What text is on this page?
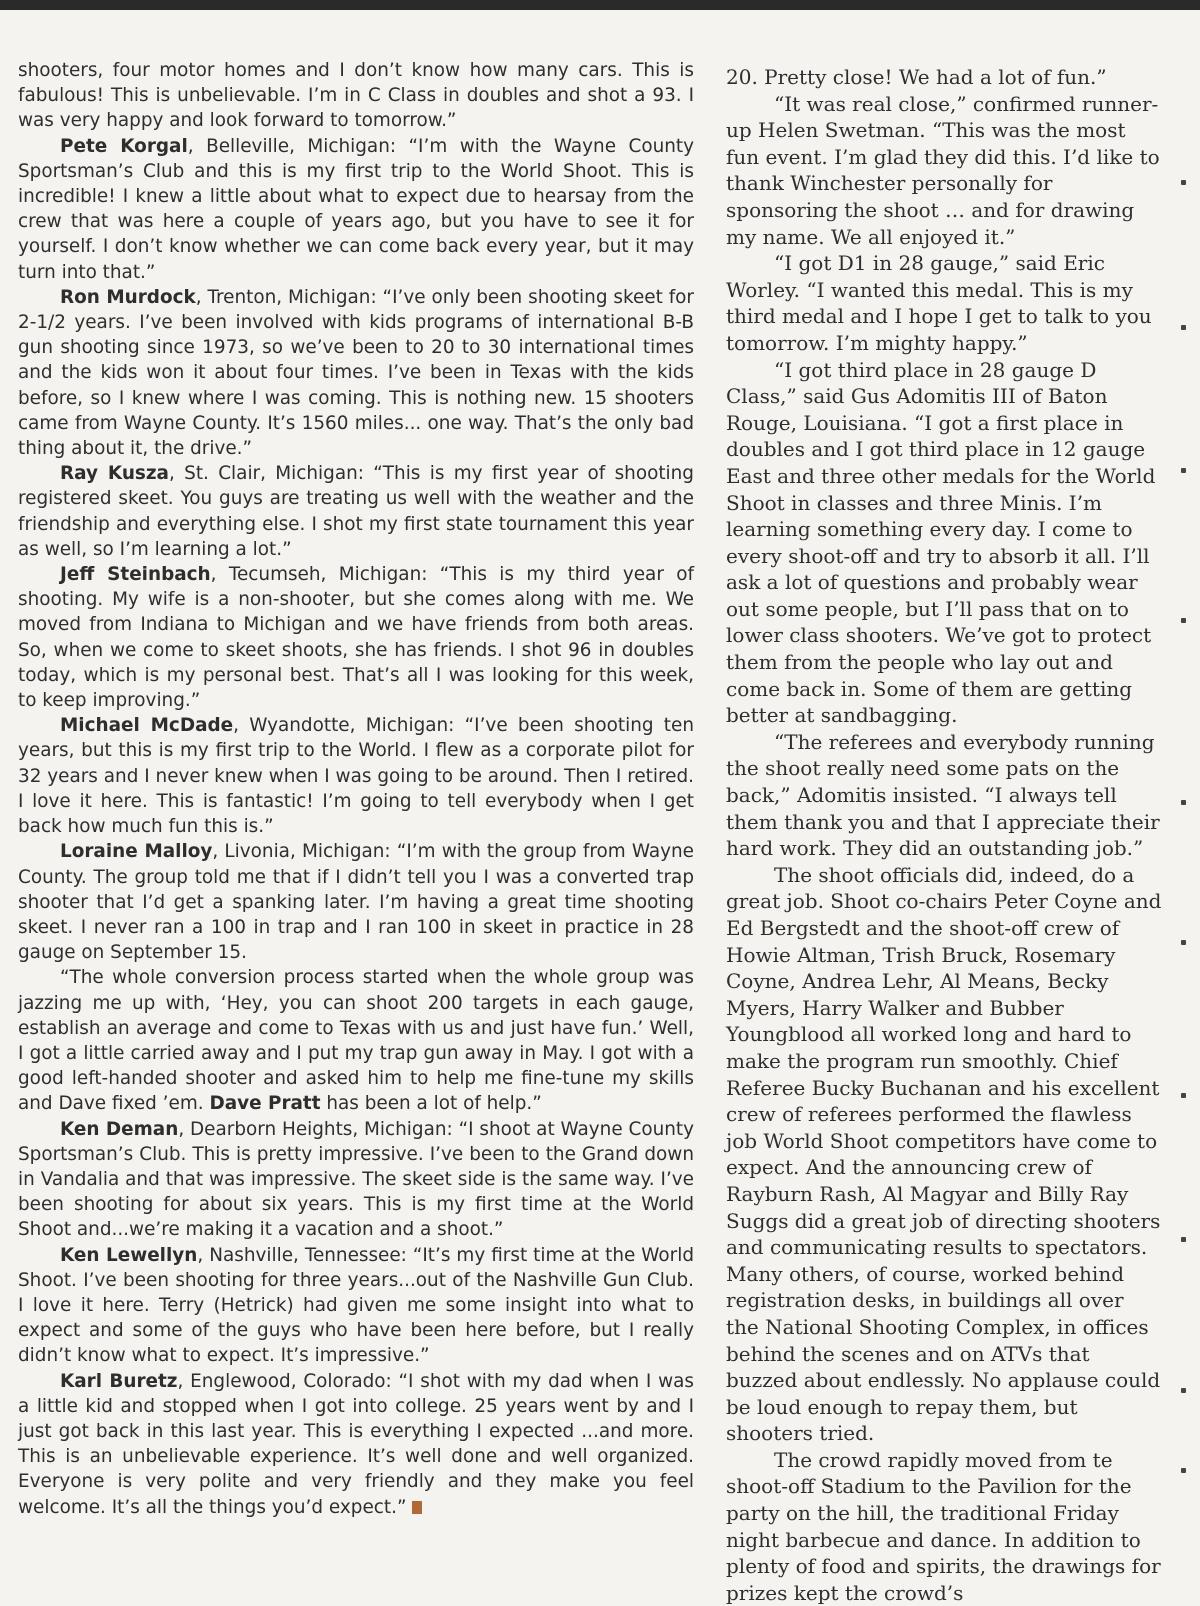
shooters, four motor homes and I don’t know how many cars. This is fabulous! This is unbelievable. I’m in C Class in doubles and shot a 93. I was very happy and look forward to tomorrow.”

Pete Korgal, Belleville, Michigan: “I’m with the Wayne County Sportsman’s Club and this is my first trip to the World Shoot. This is incredible! I knew a little about what to expect due to hearsay from the crew that was here a couple of years ago, but you have to see it for yourself. I don’t know whether we can come back every year, but it may turn into that.”

Ron Murdock, Trenton, Michigan: “I’ve only been shooting skeet for 2-1/2 years. I’ve been involved with kids programs of international B-B gun shooting since 1973, so we’ve been to 20 to 30 international times and the kids won it about four times. I’ve been in Texas with the kids before, so I knew where I was coming. This is nothing new. 15 shooters came from Wayne County. It’s 1560 miles... one way. That’s the only bad thing about it, the drive.”

Ray Kusza, St. Clair, Michigan: “This is my first year of shooting registered skeet. You guys are treating us well with the weather and the friendship and everything else. I shot my first state tournament this year as well, so I’m learning a lot.”

Jeff Steinbach, Tecumseh, Michigan: “This is my third year of shooting. My wife is a non-shooter, but she comes along with me. We moved from Indiana to Michigan and we have friends from both areas. So, when we come to skeet shoots, she has friends. I shot 96 in doubles today, which is my personal best. That’s all I was looking for this week, to keep improving.”

Michael McDade, Wyandotte, Michigan: “I’ve been shooting ten years, but this is my first trip to the World. I flew as a corporate pilot for 32 years and I never knew when I was going to be around. Then I retired. I love it here. This is fantastic! I’m going to tell everybody when I get back how much fun this is.”

Loraine Malloy, Livonia, Michigan: “I’m with the group from Wayne County. The group told me that if I didn’t tell you I was a converted trap shooter that I’d get a spanking later. I’m having a great time shooting skeet. I never ran a 100 in trap and I ran 100 in skeet in practice in 28 gauge on September 15.

“The whole conversion process started when the whole group was jazzing me up with, ‘Hey, you can shoot 200 targets in each gauge, establish an average and come to Texas with us and just have fun.’ Well, I got a little carried away and I put my trap gun away in May. I got with a good left-handed shooter and asked him to help me fine-tune my skills and Dave fixed ’em. Dave Pratt has been a lot of help.”

Ken Deman, Dearborn Heights, Michigan: “I shoot at Wayne County Sportsman’s Club. This is pretty impressive. I’ve been to the Grand down in Vandalia and that was impressive. The skeet side is the same way. I’ve been shooting for about six years. This is my first time at the World Shoot and...we’re making it a vacation and a shoot.”

Ken Lewellyn, Nashville, Tennessee: “It’s my first time at the World Shoot. I’ve been shooting for three years...out of the Nashville Gun Club. I love it here. Terry (Hetrick) had given me some insight into what to expect and some of the guys who have been here before, but I really didn’t know what to expect. It’s impressive.”

Karl Buretz, Englewood, Colorado: “I shot with my dad when I was a little kid and stopped when I got into college. 25 years went by and I just got back in this last year. This is everything I expected ...and more. This is an unbelievable experience. It’s well done and well organized. Everyone is very polite and very friendly and they make you feel welcome. It’s all the things you’d expect.”

20. Pretty close! We had a lot of fun.”

“It was real close,” confirmed runner-up Helen Swetman. “This was the most fun event. I’m glad they did this. I’d like to thank Winchester personally for sponsoring the shoot … and for drawing my name. We all enjoyed it.”

“I got D1 in 28 gauge,” said Eric Worley. “I wanted this medal. This is my third medal and I hope I get to talk to you tomorrow. I’m mighty happy.”

“I got third place in 28 gauge D Class,” said Gus Adomitis III of Baton Rouge, Louisiana. “I got a first place in doubles and I got third place in 12 gauge East and three other medals for the World Shoot in classes and three Minis. I’m learning something every day. I come to every shoot-off and try to absorb it all. I’ll ask a lot of questions and probably wear out some people, but I’ll pass that on to lower class shooters. We’ve got to protect them from the people who lay out and come back in. Some of them are getting better at sandbagging.

“The referees and everybody running the shoot really need some pats on the back,” Adomitis insisted. “I always tell them thank you and that I appreciate their hard work. They did an outstanding job.”

The shoot officials did, indeed, do a great job. Shoot co-chairs Peter Coyne and Ed Bergstedt and the shoot-off crew of Howie Altman, Trish Bruck, Rosemary Coyne, Andrea Lehr, Al Means, Becky Myers, Harry Walker and Bubber Youngblood all worked long and hard to make the program run smoothly. Chief Referee Bucky Buchanan and his excellent crew of referees performed the flawless job World Shoot competitors have come to expect. And the announcing crew of Rayburn Rash, Al Magyar and Billy Ray Suggs did a great job of directing shooters and communicating results to spectators. Many others, of course, worked behind registration desks, in buildings all over the National Shooting Complex, in offices behind the scenes and on ATVs that buzzed about endlessly. No applause could be loud enough to repay them, but shooters tried.

The crowd rapidly moved from te shoot-off Stadium to the Pavilion for the party on the hill, the traditional Friday night barbecue and dance. In addition to plenty of food and spirits, the drawings for prizes kept the crowd’s
